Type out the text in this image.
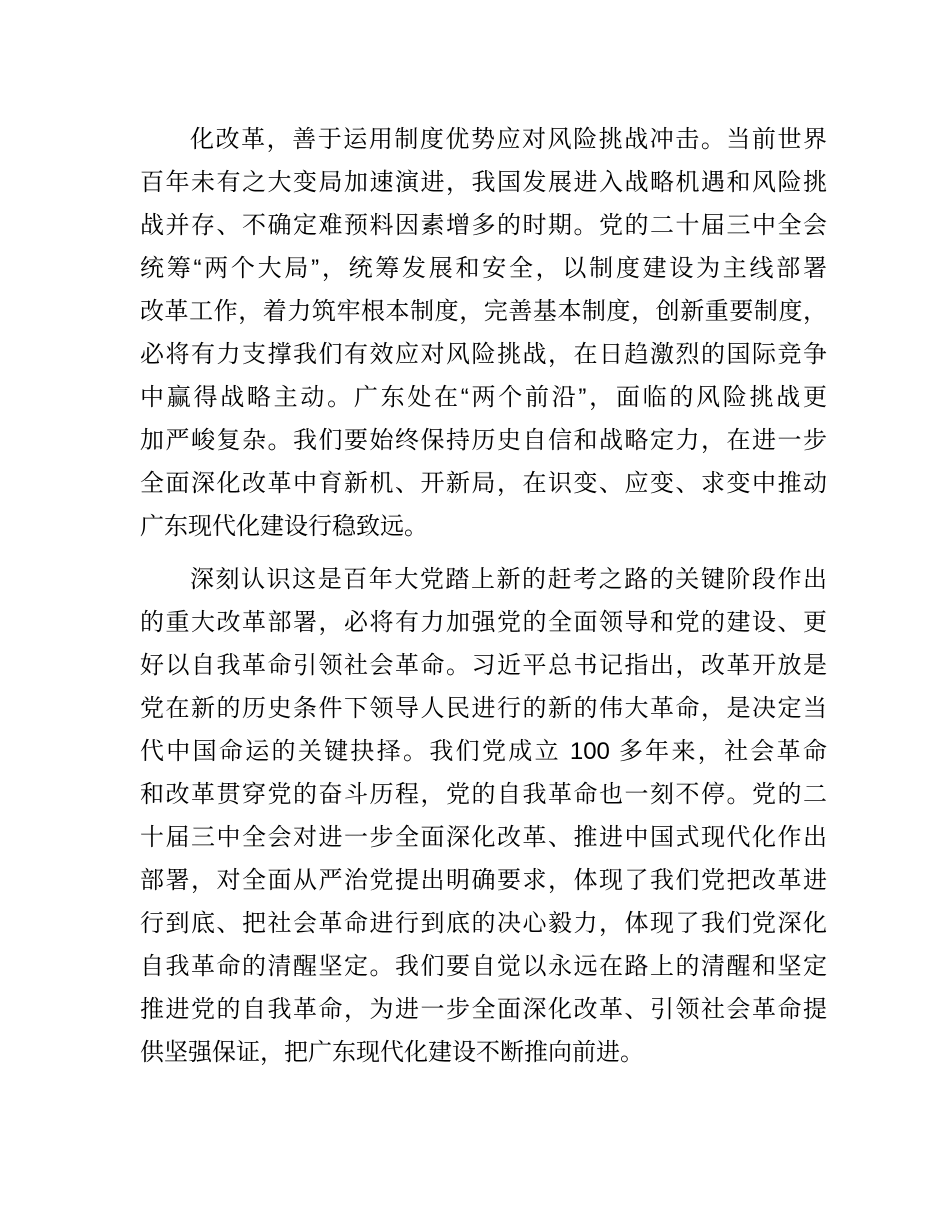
化改革，善于运用制度优势应对风险挑战冲击。当前世界
百年未有之大变局加速演进，我国发展进入战略机遇和风险挑
战并存、不确定难预料因素增多的时期。党的二十届三中全会
统筹“两个大局”，统筹发展和安全，以制度建设为主线部署
改革工作，着力筑牢根本制度，完善基本制度，创新重要制度，
必将有力支撑我们有效应对风险挑战，在日趋激烈的国际竞争
中赢得战略主动。广东处在“两个前沿”，面临的风险挑战更
加严峻复杂。我们要始终保持历史自信和战略定力，在进一步
全面深化改革中育新机、开新局，在识变、应变、求变中推动
广东现代化建设行稳致远。
深刻认识这是百年大党踏上新的赶考之路的关键阶段作出
的重大改革部署，必将有力加强党的全面领导和党的建设、更
好以自我革命引领社会革命。习近平总书记指出，改革开放是
党在新的历史条件下领导人民进行的新的伟大革命，是决定当
代中国命运的关键抉择。我们党成立 100 多年来，社会革命
和改革贯穿党的奋斗历程，党的自我革命也一刻不停。党的二
十届三中全会对进一步全面深化改革、推进中国式现代化作出
部署，对全面从严治党提出明确要求，体现了我们党把改革进
行到底、把社会革命进行到底的决心毅力，体现了我们党深化
自我革命的清醒坚定。我们要自觉以永远在路上的清醒和坚定
推进党的自我革命，为进一步全面深化改革、引领社会革命提
供坚强保证，把广东现代化建设不断推向前进。
